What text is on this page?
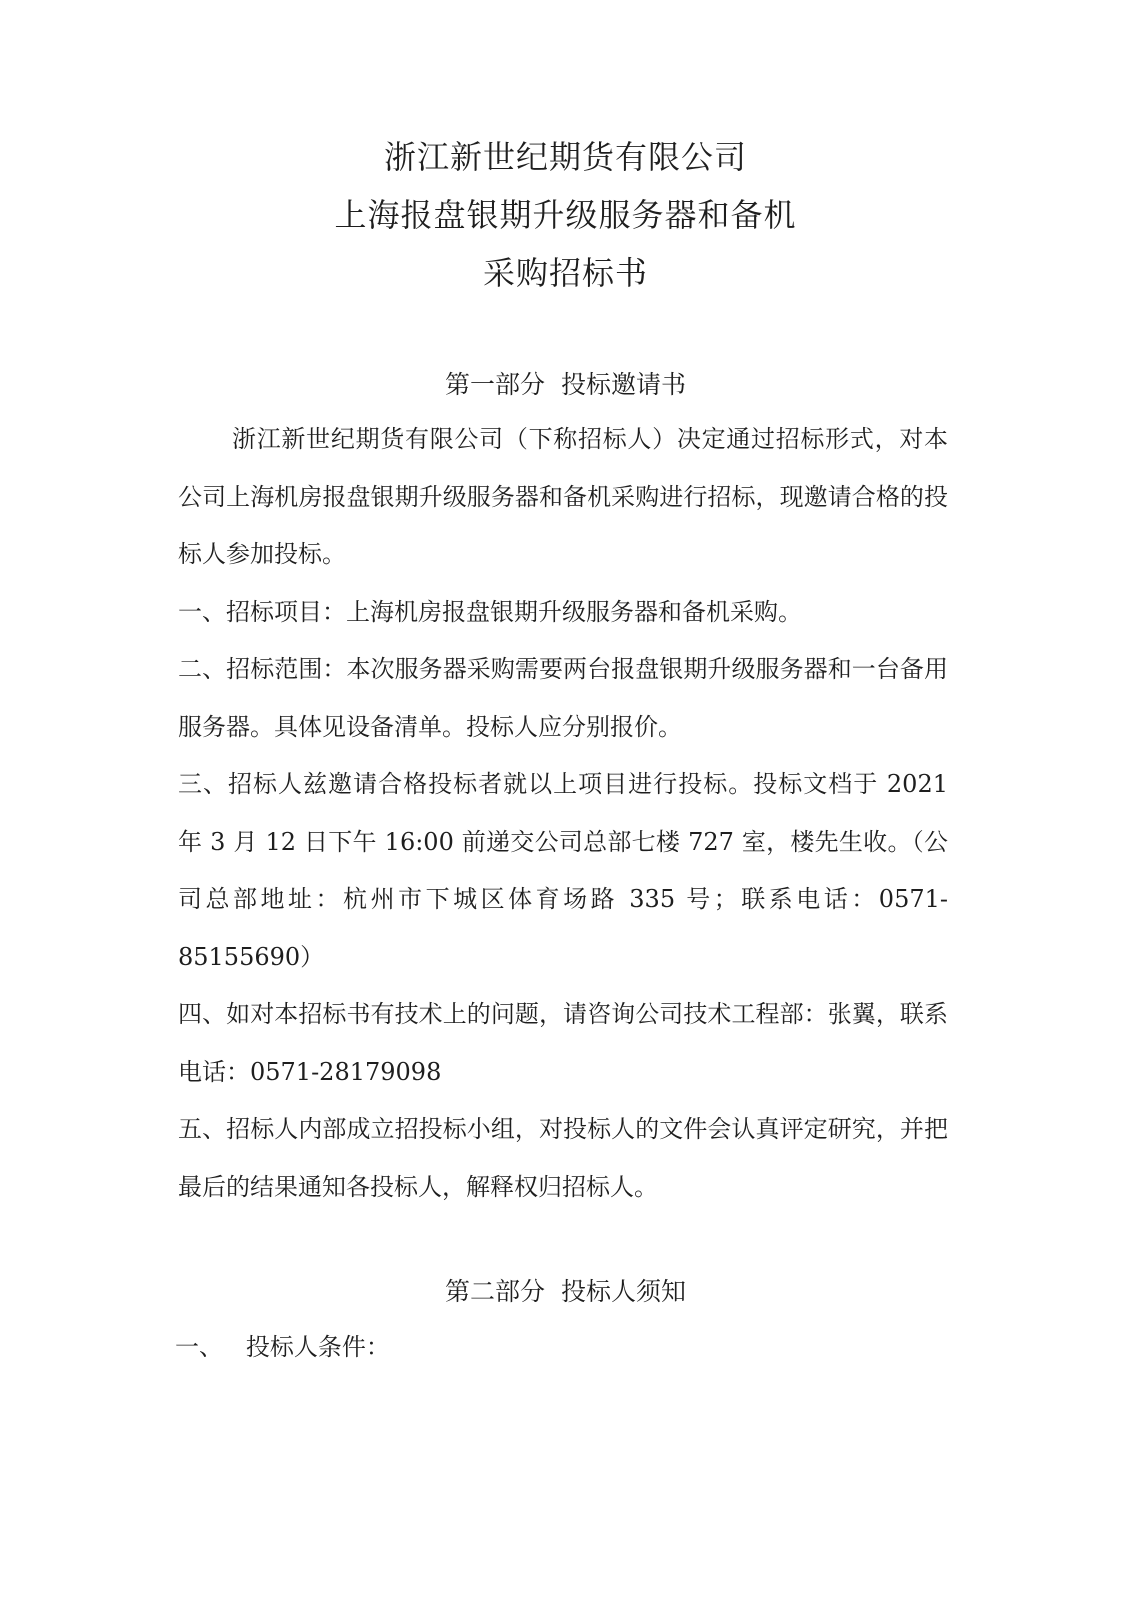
浙江新世纪期货有限公司
上海报盘银期升级服务器和备机
采购招标书
第一部分  投标邀请书

浙江新世纪期货有限公司（下称招标人）决定通过招标形式，对本公司上海机房报盘银期升级服务器和备机采购进行招标，现邀请合格的投标人参加投标。

一、招标项目：上海机房报盘银期升级服务器和备机采购。

二、招标范围：本次服务器采购需要两台报盘银期升级服务器和一台备用服务器。具体见设备清单。投标人应分别报价。

三、招标人兹邀请合格投标者就以上项目进行投标。投标文档于 2021 年 3 月 12 日下午 16:00 前递交公司总部七楼 727 室，楼先生收。（公司总部地址：杭州市下城区体育场路 335 号；联系电话：0571-85155690）

四、如对本招标书有技术上的问题，请咨询公司技术工程部：张翼，联系电话：0571-28179098

五、招标人内部成立招投标小组，对投标人的文件会认真评定研究，并把最后的结果通知各投标人，解释权归招标人。

第二部分  投标人须知
一、   投标人条件：
